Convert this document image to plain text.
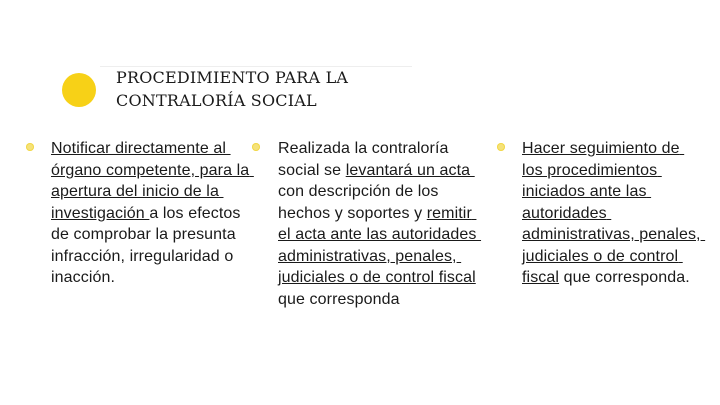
PROCEDIMIENTO PARA LA
CONTRALORÍA SOCIAL
Notificar directamente al órgano competente, para la apertura del inicio de la investigación a los efectos de comprobar la presunta infracción, irregularidad o inacción.
Realizada la contraloría social se levantará un acta con descripción de los hechos y soportes y remitir el acta ante las autoridades administrativas, penales, judiciales o de control fiscal que corresponda
Hacer seguimiento de los procedimientos iniciados ante las autoridades administrativas, penales, judiciales o de control fiscal que corresponda.
